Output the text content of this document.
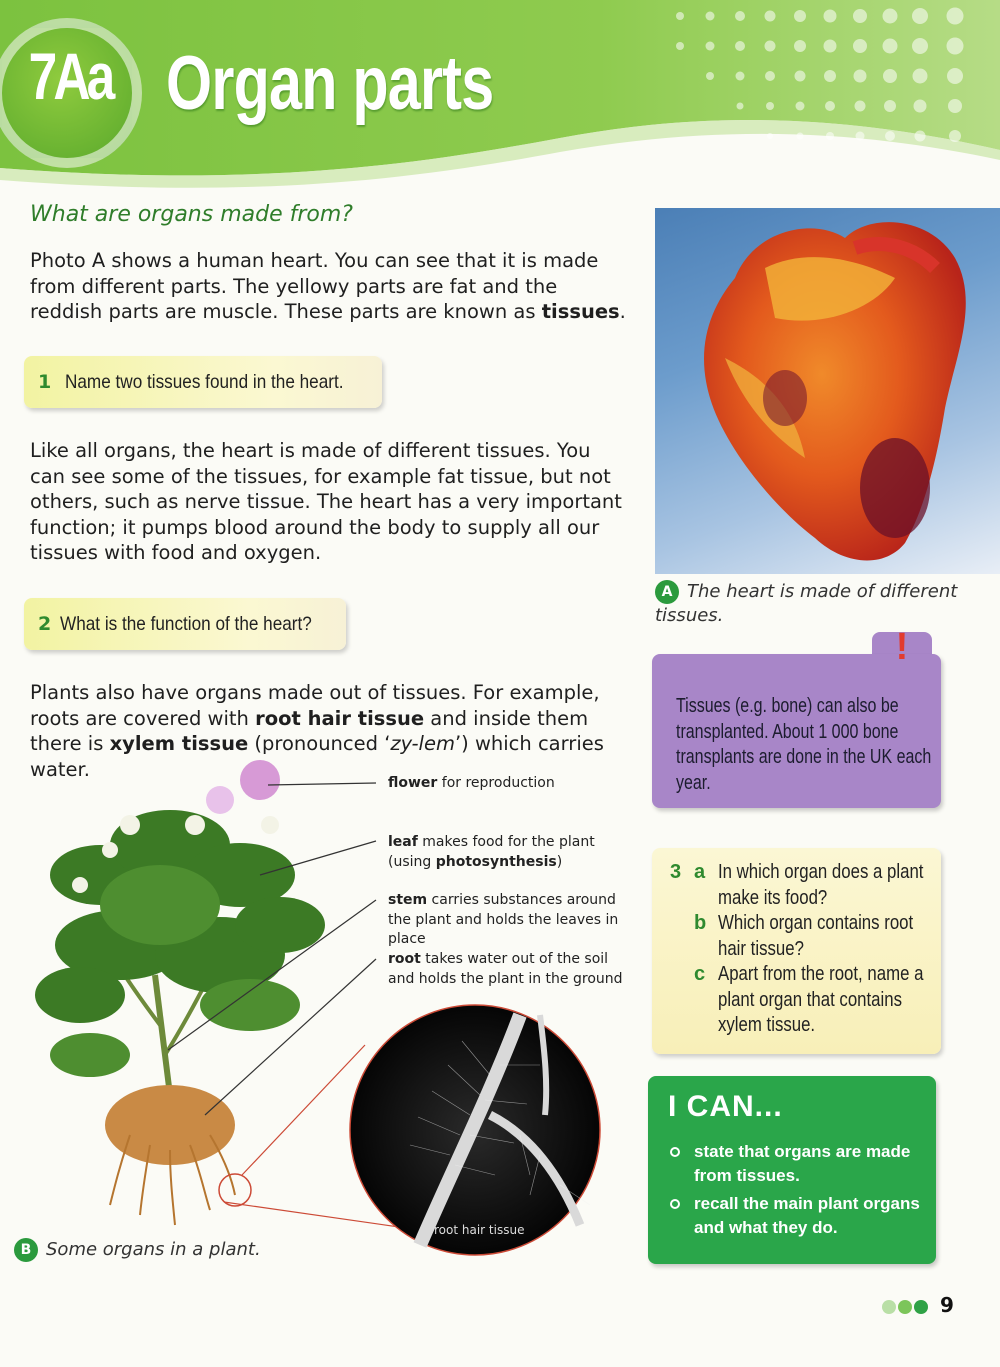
7Aa Organ parts
What are organs made from?

Photo A shows a human heart. You can see that it is made from different parts. The yellowy parts are fat and the reddish parts are muscle. These parts are known as tissues.

1 Name two tissues found in the heart.

Like all organs, the heart is made of different tissues. You can see some of the tissues, for example fat tissue, but not others, such as nerve tissue. The heart has a very important function; it pumps blood around the body to supply all our tissues with food and oxygen.

2 What is the function of the heart?

Plants also have organs made out of tissues. For example, roots are covered with root hair tissue and inside them there is xylem tissue (pronounced ‘zy-lem’) which carries water.

A The heart is made of different tissues.
Tissues (e.g. bone) can also be transplanted. About 1 000 bone transplants are done in the UK each year.
!
3 a In which organ does a plant make its food?
b Which organ contains root hair tissue?
c Apart from the root, name a plant organ that contains xylem tissue.
I CAN...
state that organs are made from tissues.
recall the main plant organs and what they do.
flower for reproduction
leaf makes food for the plant (using photosynthesis)
stem carries substances around the plant and holds the leaves in place
root takes water out of the soil and holds the plant in the ground
root hair tissue
B Some organs in a plant.
9
